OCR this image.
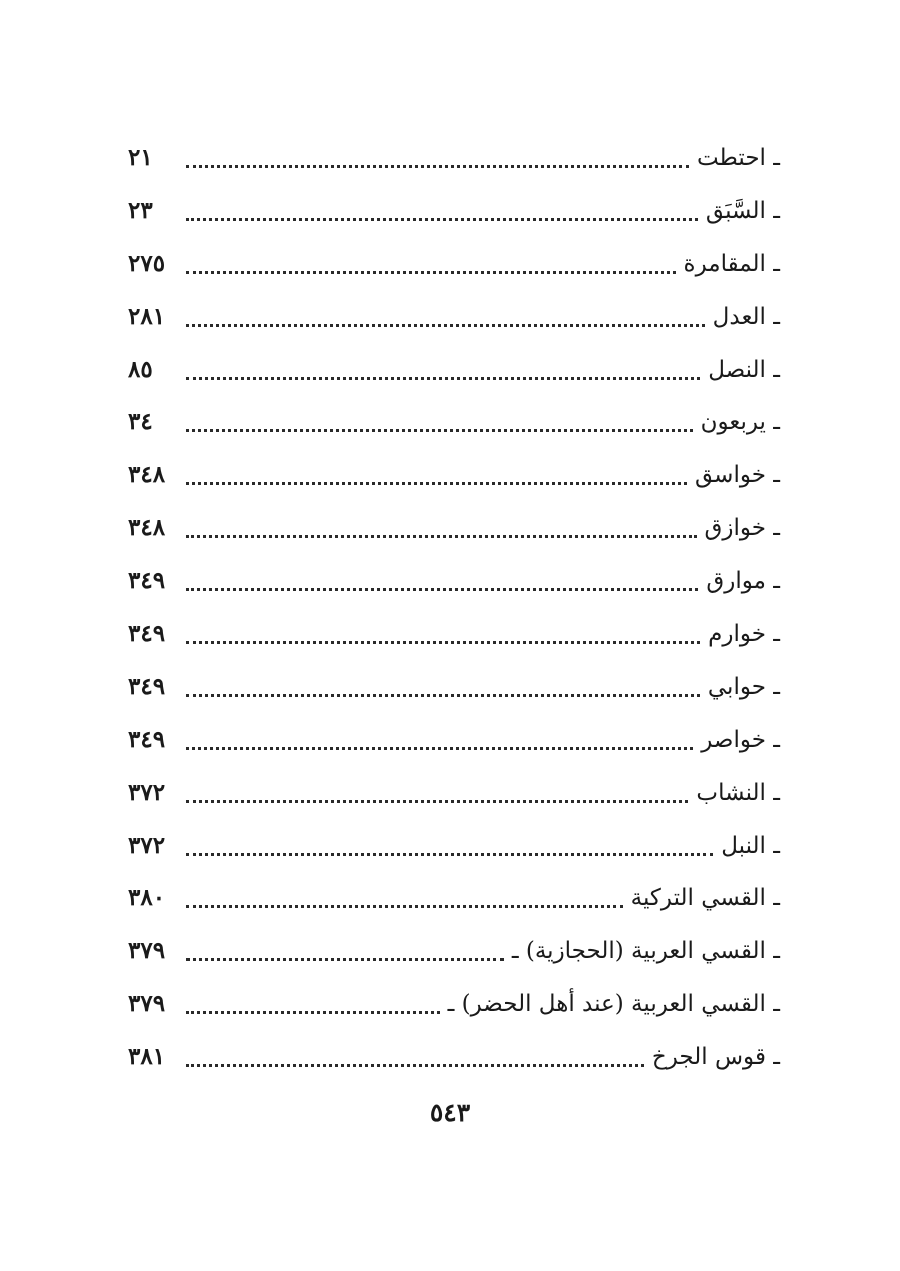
ـ احتطت
٢١
ـ السَّبَق
٢٣
ـ المقامرة
٢٧٥
ـ العدل
٢٨١
ـ النصل
٨٥
ـ يربعون
٣٤
ـ خواسق
٣٤٨
ـ خوازق
٣٤٨
ـ موارق
٣٤٩
ـ خوارم
٣٤٩
ـ حوابي
٣٤٩
ـ خواصر
٣٤٩
ـ النشاب
٣٧٢
ـ النبل
٣٧٢
ـ القسي التركية
٣٨٠
ـ القسي العربية (الحجازية) ـ
٣٧٩
ـ القسي العربية (عند أهل الحضر) ـ
٣٧٩
ـ قوس الجرخ
٣٨١
٥٤٣
